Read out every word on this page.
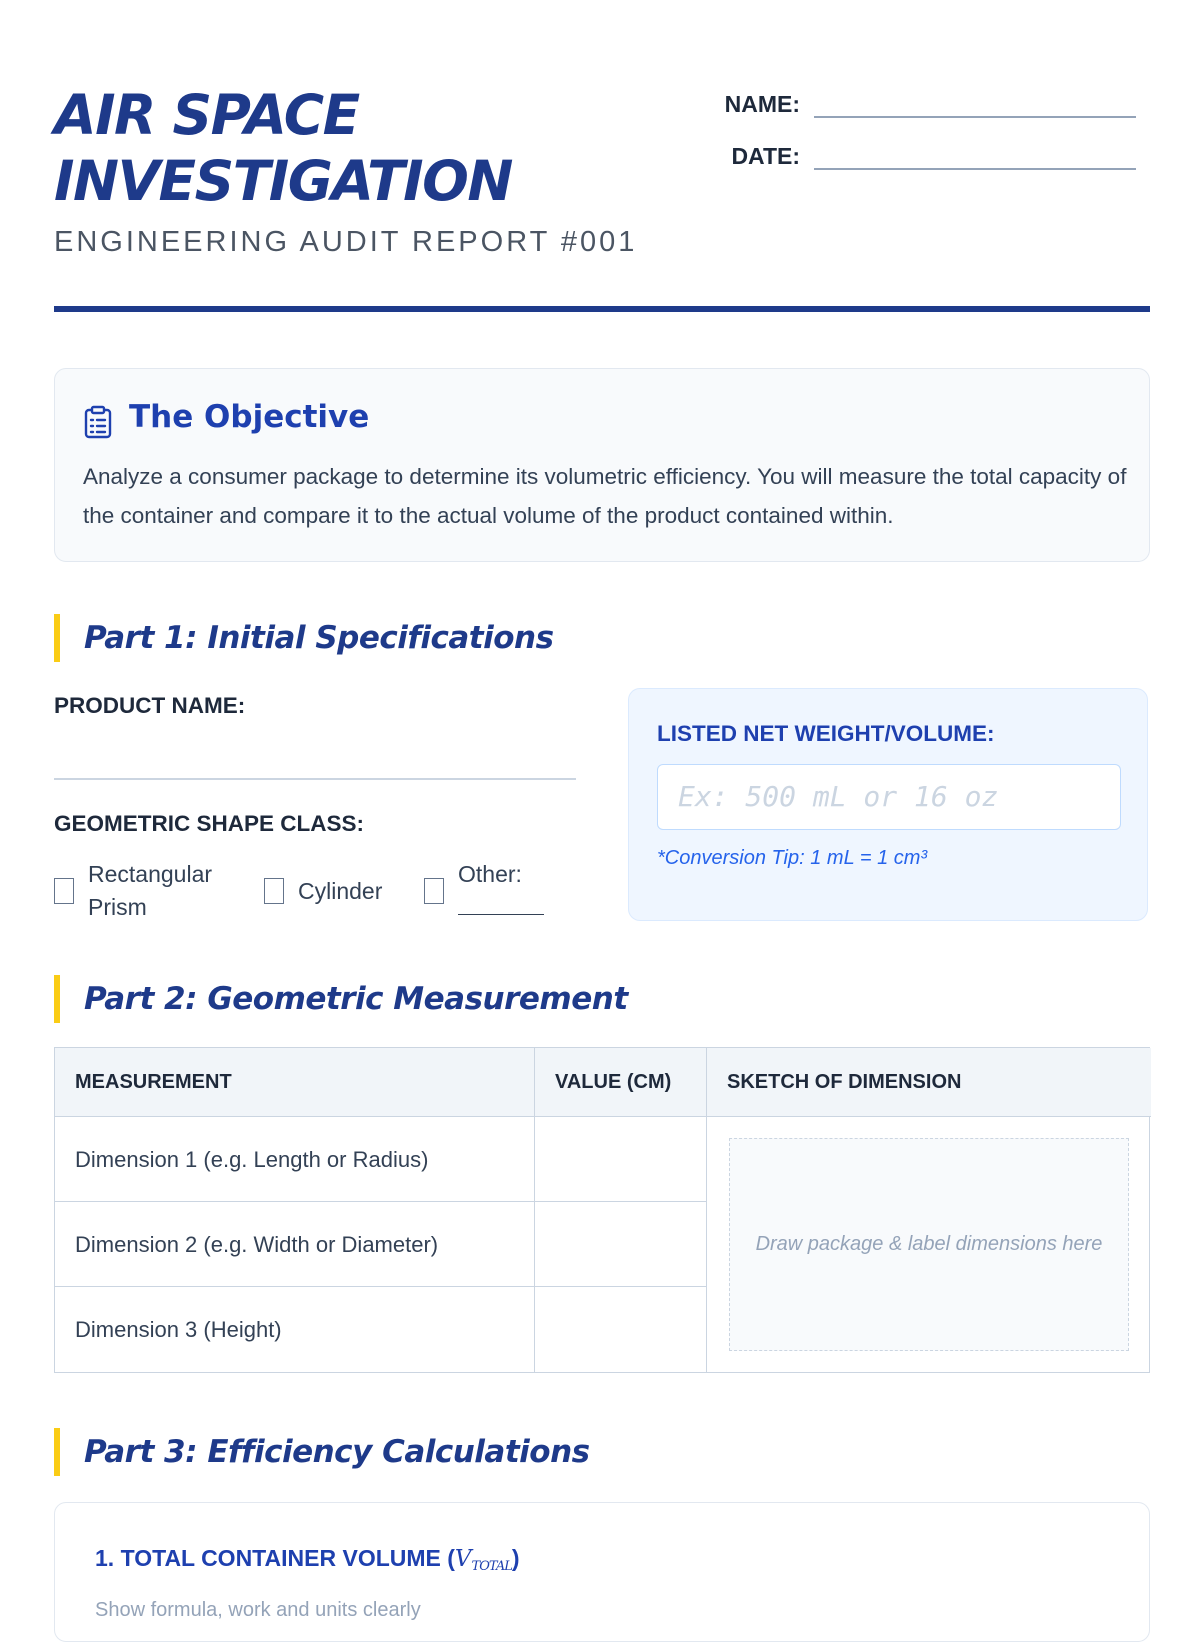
AIR SPACE
INVESTIGATION
ENGINEERING AUDIT REPORT #001
NAME:
DATE:
The Objective

Analyze a consumer package to determine its volumetric efficiency. You will measure the total capacity of the container and compare it to the actual volume of the product contained within.

Part 1: Initial Specifications
PRODUCT NAME:
GEOMETRIC SHAPE CLASS:
Rectangular
Prism
Cylinder
Other:
LISTED NET WEIGHT/VOLUME:
Ex: 500 mL or 16 oz
*Conversion Tip: 1 mL = 1 cm³
Part 2: Geometric Measurement
MEASUREMENT	VALUE (CM)	SKETCH OF DIMENSION
Dimension 1 (e.g. Length or Radius)
Dimension 2 (e.g. Width or Diameter)
Dimension 3 (Height)
Draw package & label dimensions here
Part 3: Efficiency Calculations
1. TOTAL CONTAINER VOLUME $(V_{TOTAL})$
Show formula, work and units clearly
